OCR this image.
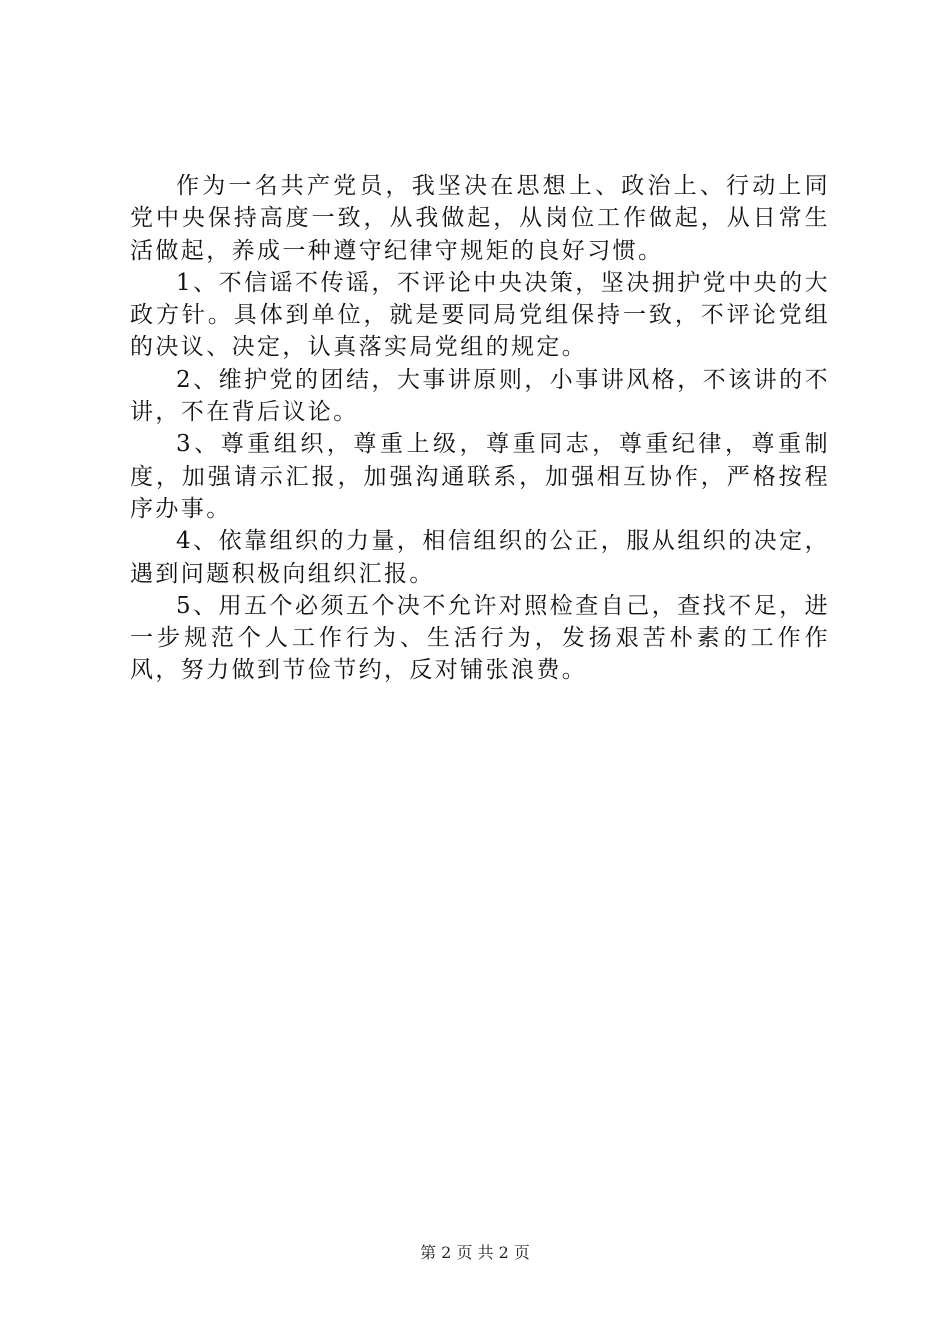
作为一名共产党员，我坚决在思想上、政治上、行动上同党中央保持高度一致，从我做起，从岗位工作做起，从日常生活做起，养成一种遵守纪律守规矩的良好习惯。

1、不信谣不传谣，不评论中央决策，坚决拥护党中央的大政方针。具体到单位，就是要同局党组保持一致，不评论党组的决议、决定，认真落实局党组的规定。

2、维护党的团结，大事讲原则，小事讲风格，不该讲的不讲，不在背后议论。

3、尊重组织，尊重上级，尊重同志，尊重纪律，尊重制度，加强请示汇报，加强沟通联系，加强相互协作，严格按程序办事。

4、依靠组织的力量，相信组织的公正，服从组织的决定，遇到问题积极向组织汇报。

5、用五个必须五个决不允许对照检查自己，查找不足，进一步规范个人工作行为、生活行为，发扬艰苦朴素的工作作风，努力做到节俭节约，反对铺张浪费。

第 2 页 共 2 页
